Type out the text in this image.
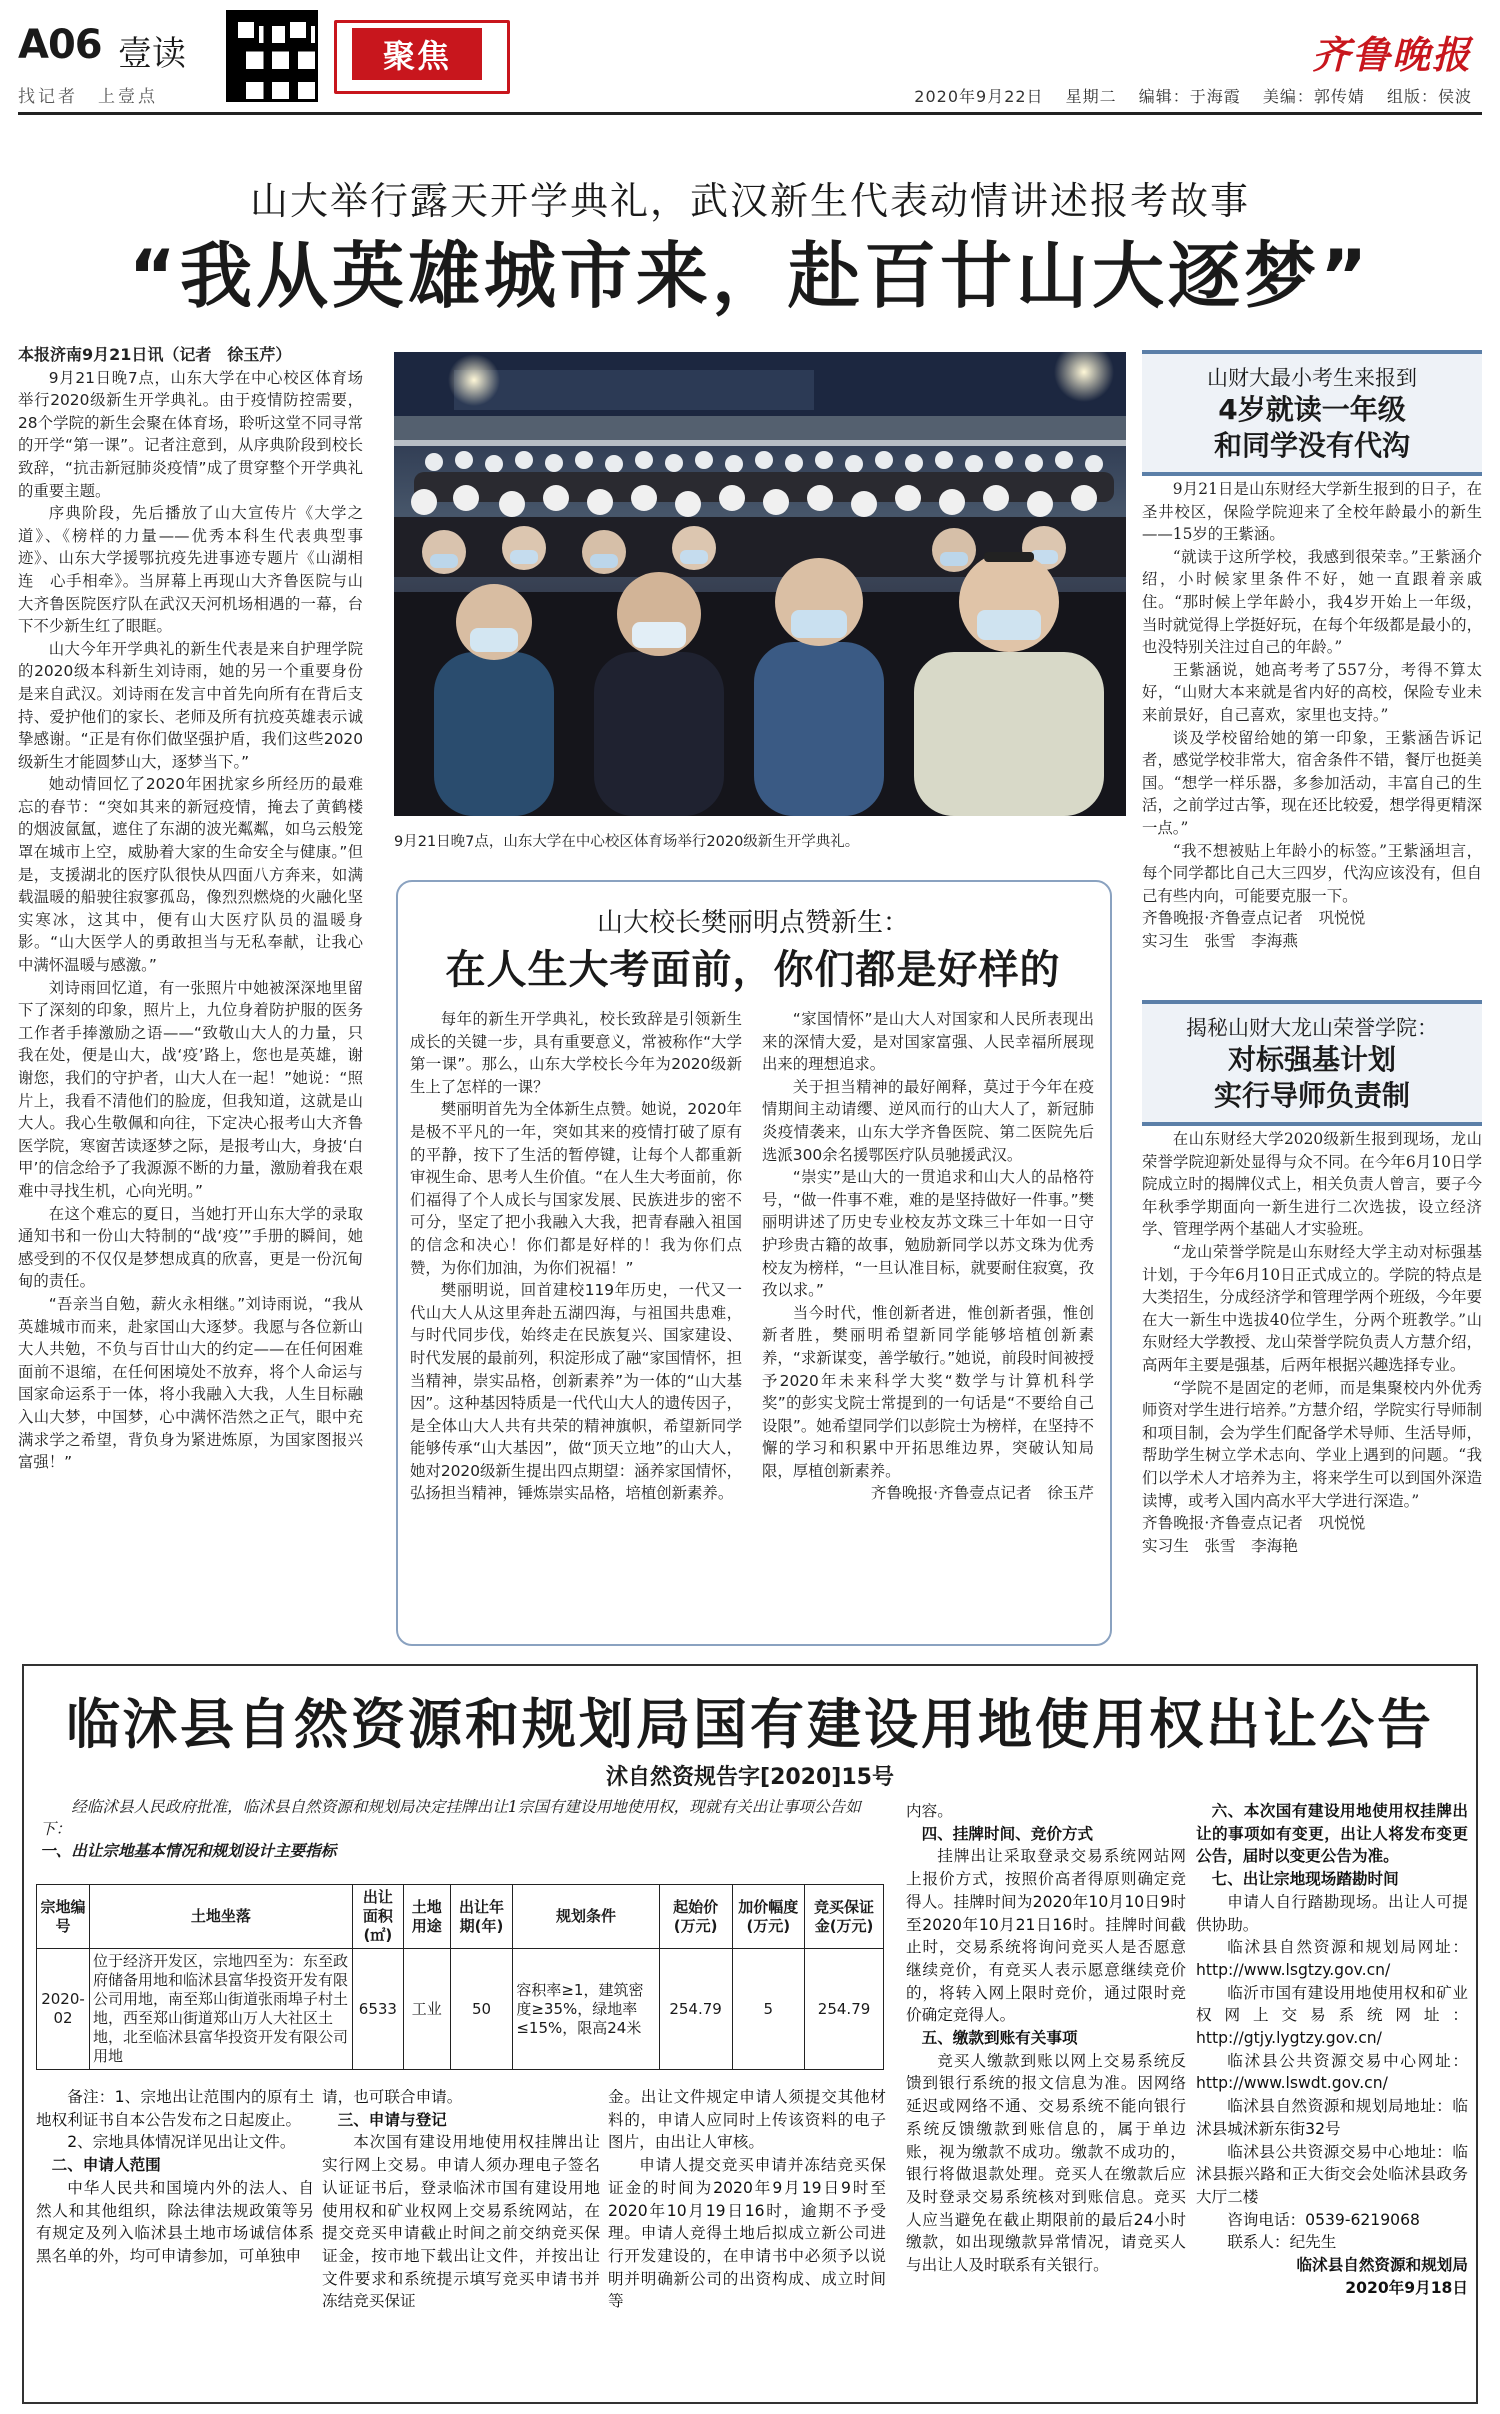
A06 壹读
找记者　上壹点
聚焦	齐鲁晚报
2020年9月22日 星期二 编辑：于海霞 美编：郭传婧 组版：侯波
山大举行露天开学典礼，武汉新生代表动情讲述报考故事
“我从英雄城市来，赴百廿山大逐梦”

本报济南9月21日讯（记者　徐玉芹）

9月21日晚7点，山东大学在中心校区体育场举行2020级新生开学典礼。由于疫情防控需要，28个学院的新生会聚在体育场，聆听这堂不同寻常的开学“第一课”。记者注意到，从序典阶段到校长致辞，“抗击新冠肺炎疫情”成了贯穿整个开学典礼的重要主题。

序典阶段，先后播放了山大宣传片《大学之道》、《榜样的力量——优秀本科生代表典型事迹》、山东大学援鄂抗疫先进事迹专题片《山湖相连　心手相牵》。当屏幕上再现山大齐鲁医院与山大齐鲁医院医疗队在武汉天河机场相遇的一幕，台下不少新生红了眼眶。

山大今年开学典礼的新生代表是来自护理学院的2020级本科新生刘诗雨，她的另一个重要身份是来自武汉。刘诗雨在发言中首先向所有在背后支持、爱护他们的家长、老师及所有抗疫英雄表示诚挚感谢。“正是有你们做坚强护盾，我们这些2020级新生才能圆梦山大，逐梦当下。”

她动情回忆了2020年困扰家乡所经历的最难忘的春节：“突如其来的新冠疫情，掩去了黄鹤楼的烟波氤氲，遮住了东湖的波光粼粼，如乌云般笼罩在城市上空，威胁着大家的生命安全与健康。”但是，支援湖北的医疗队很快从四面八方奔来，如满载温暖的船驶往寂寥孤岛，像烈烈燃烧的火融化坚实寒冰，这其中，便有山大医疗队员的温暖身影。“山大医学人的勇敢担当与无私奉献，让我心中满怀温暖与感激。”

刘诗雨回忆道，有一张照片中她被深深地里留下了深刻的印象，照片上，九位身着防护服的医务工作者手捧激励之语——“致敬山大人的力量，只我在处，便是山大，战‘疫’路上，您也是英雄，谢谢您，我们的守护者，山大人在一起！”她说：“照片上，我看不清他们的脸庞，但我知道，这就是山大人。我心生敬佩和向往，下定决心报考山大齐鲁医学院，寒窗苦读逐梦之际，是报考山大，身披‘白甲’的信念给予了我源源不断的力量，激励着我在艰难中寻找生机，心向光明。”

在这个难忘的夏日，当她打开山东大学的录取通知书和一份山大特制的“战‘疫’”手册的瞬间，她感受到的不仅仅是梦想成真的欣喜，更是一份沉甸甸的责任。

“吾亲当自勉，薪火永相继。”刘诗雨说，“我从英雄城市而来，赴家国山大逐梦。我愿与各位新山大人共勉，不负与百廿山大的约定——在任何困难面前不退缩，在任何困境处不放弃，将个人命运与国家命运系于一体，将小我融入大我，人生目标融入山大梦，中国梦，心中满怀浩然之正气，眼中充满求学之希望，背负身为紧进炼原，为国家图报兴富强！”

9月21日晚7点，山东大学在中心校区体育场举行2020级新生开学典礼。
山财大最小考生来报到
4岁就读一年级
和同学没有代沟

9月21日是山东财经大学新生报到的日子，在圣井校区，保险学院迎来了全校年龄最小的新生——15岁的王紫涵。

“就读于这所学校，我感到很荣幸。”王紫涵介绍，小时候家里条件不好，她一直跟着亲戚住。“那时候上学年龄小，我4岁开始上一年级，当时就觉得上学挺好玩，在每个年级都是最小的，也没特别关注过自己的年龄。”

王紫涵说，她高考考了557分，考得不算太好，“山财大本来就是省内好的高校，保险专业未来前景好，自己喜欢，家里也支持。”

谈及学校留给她的第一印象，王紫涵告诉记者，感觉学校非常大，宿舍条件不错，餐厅也挺美国。“想学一样乐器，多参加活动，丰富自己的生活，之前学过古筝，现在还比较爱，想学得更精深一点。”

“我不想被贴上年龄小的标签。”王紫涵坦言，每个同学都比自己大三四岁，代沟应该没有，但自己有些内向，可能要克服一下。

齐鲁晚报·齐鲁壹点记者　巩悦悦

实习生　张雪　李海燕

揭秘山财大龙山荣誉学院：
对标强基计划
实行导师负责制

在山东财经大学2020级新生报到现场，龙山荣誉学院迎新处显得与众不同。在今年6月10日学院成立时的揭牌仪式上，相关负责人曾言，要子今年秋季学期面向一新生进行二次选拔，设立经济学、管理学两个基础人才实验班。

“龙山荣誉学院是山东财经大学主动对标强基计划，于今年6月10日正式成立的。学院的特点是大类招生，分成经济学和管理学两个班级，今年要在大一新生中选拔40位学生，分两个班教学。”山东财经大学教授、龙山荣誉学院负责人方慧介绍，高两年主要是强基，后两年根据兴趣选择专业。

“学院不是固定的老师，而是集聚校内外优秀师资对学生进行培养。”方慧介绍，学院实行导师制和项目制，会为学生们配备学术导师、生活导师，帮助学生树立学术志向、学业上遇到的问题。“我们以学术人才培养为主，将来学生可以到国外深造读博，或考入国内高水平大学进行深造。”

齐鲁晚报·齐鲁壹点记者　巩悦悦

实习生　张雪　李海艳

山大校长樊丽明点赞新生：
在人生大考面前，你们都是好样的

每年的新生开学典礼，校长致辞是引领新生成长的关键一步，具有重要意义，常被称作“大学第一课”。那么，山东大学校长今年为2020级新生上了怎样的一课？

樊丽明首先为全体新生点赞。她说，2020年是极不平凡的一年，突如其来的疫情打破了原有的平静，按下了生活的暂停键，让每个人都重新审视生命、思考人生价值。“在人生大考面前，你们福得了个人成长与国家发展、民族进步的密不可分，坚定了把小我融入大我，把青春融入祖国的信念和决心！你们都是好样的！我为你们点赞，为你们加油，为你们祝福！”

樊丽明说，回首建校119年历史，一代又一代山大人从这里奔赴五湖四海，与祖国共患难，与时代同步伐，始终走在民族复兴、国家建设、时代发展的最前列，积淀形成了融“家国情怀，担当精神，崇实品格，创新素养”为一体的“山大基因”。这种基因特质是一代代山大人的遗传因子，是全体山大人共有共荣的精神旗帜，希望新同学能够传承“山大基因”，做“顶天立地”的山大人，她对2020级新生提出四点期望：涵养家国情怀，弘扬担当精神，锤炼崇实品格，培植创新素养。

“家国情怀”是山大人对国家和人民所表现出来的深情大爱，是对国家富强、人民幸福所展现出来的理想追求。

关于担当精神的最好阐释，莫过于今年在疫情期间主动请缨、逆风而行的山大人了，新冠肺炎疫情袭来，山东大学齐鲁医院、第二医院先后选派300余名援鄂医疗队员驰援武汉。

“崇实”是山大的一贯追求和山大人的品格符号，“做一件事不难，难的是坚持做好一件事。”樊丽明讲述了历史专业校友苏文珠三十年如一日守护珍贵古籍的故事，勉励新同学以苏文珠为优秀校友为榜样，“一旦认准目标，就要耐住寂寞，孜孜以求。”

当今时代，惟创新者进，惟创新者强，惟创新者胜，樊丽明希望新同学能够培植创新素养，“求新谋变，善学敏行。”她说，前段时间被授予2020年未来科学大奖“数学与计算机科学奖”的彭实戈院士常提到的一句话是“不要给自己设限”。她希望同学们以彭院士为榜样，在坚持不懈的学习和积累中开拓思维边界，突破认知局限，厚植创新素养。

齐鲁晚报·齐鲁壹点记者　徐玉芹

临沭县自然资源和规划局国有建设用地使用权出让公告
沭自然资规告字[2020]15号
经临沭县人民政府批准，临沭县自然资源和规划局决定挂牌出让1宗国有建设用地使用权，现就有关出让事项公告如下：
一、出让宗地基本情况和规划设计主要指标
宗地编号	土地坐落	出让面积(㎡)	土地用途	出让年期(年)	规划条件	起始价(万元)	加价幅度(万元)	竞买保证金(万元)
2020-02	位于经济开发区，宗地四至为：东至政府储备用地和临沭县富华投资开发有限公司用地，南至郑山街道张雨埠子村土地，西至郑山街道郑山万人大社区土地，北至临沭县富华投资开发有限公司用地	6533	工业	50	容积率≥1，建筑密度≥35%，绿地率≤15%，限高24米	254.79	5	254.79

备注：1、宗地出让范围内的原有土地权利证书自本公告发布之日起废止。

2、宗地具体情况详见出让文件。

二、申请人范围

中华人民共和国境内外的法人、自然人和其他组织，除法律法规政策等另有规定及列入临沭县土地市场诚信体系黑名单的外，均可申请参加，可单独申

请，也可联合申请。

三、申请与登记

本次国有建设用地使用权挂牌出让实行网上交易。申请人须办理电子签名认证证书后，登录临沭市国有建设用地使用权和矿业权网上交易系统网站，在提交竞买申请截止时间之前交纳竞买保证金，按市地下载出让文件，并按出让文件要求和系统提示填写竞买申请书并冻结竞买保证

金。出让文件规定申请人须提交其他材料的，申请人应同时上传该资料的电子图片，由出让人审核。

申请人提交竞买申请并冻结竞买保证金的时间为2020年9月19日9时至2020年10月19日16时，逾期不予受理。申请人竞得土地后拟成立新公司进行开发建设的，在申请书中必须予以说明并明确新公司的出资构成、成立时间等

内容。

四、挂牌时间、竞价方式

挂牌出让采取登录交易系统网站网上报价方式，按照价高者得原则确定竞得人。挂牌时间为2020年10月10日9时至2020年10月21日16时。挂牌时间截止时，交易系统将询问竞买人是否愿意继续竞价，有竞买人表示愿意继续竞价的，将转入网上限时竞价，通过限时竞价确定竞得人。

五、缴款到账有关事项

竞买人缴款到账以网上交易系统反馈到银行系统的报文信息为准。因网络延迟或网络不通、交易系统不能向银行系统反馈缴款到账信息的，属于单边账，视为缴款不成功。缴款不成功的，银行将做退款处理。竞买人在缴款后应及时登录交易系统核对到账信息。竞买人应当避免在截止期限前的最后24小时缴款，如出现缴款异常情况，请竞买人与出让人及时联系有关银行。

六、本次国有建设用地使用权挂牌出让的事项如有变更，出让人将发布变更公告，届时以变更公告为准。

七、出让宗地现场踏勘时间

申请人自行踏勘现场。出让人可提供协助。

临沭县自然资源和规划局网址：http://www.lsgtzy.gov.cn/

临沂市国有建设用地使用权和矿业权网上交易系统网址：http://gtjy.lygtzy.gov.cn/

临沭县公共资源交易中心网址：http://www.lswdt.gov.cn/

临沭县自然资源和规划局地址：临沭县城沭新东街32号

临沭县公共资源交易中心地址：临沭县振兴路和正大街交会处临沭县政务大厅二楼

咨询电话：0539-6219068

联系人：纪先生

临沭县自然资源和规划局

2020年9月18日
